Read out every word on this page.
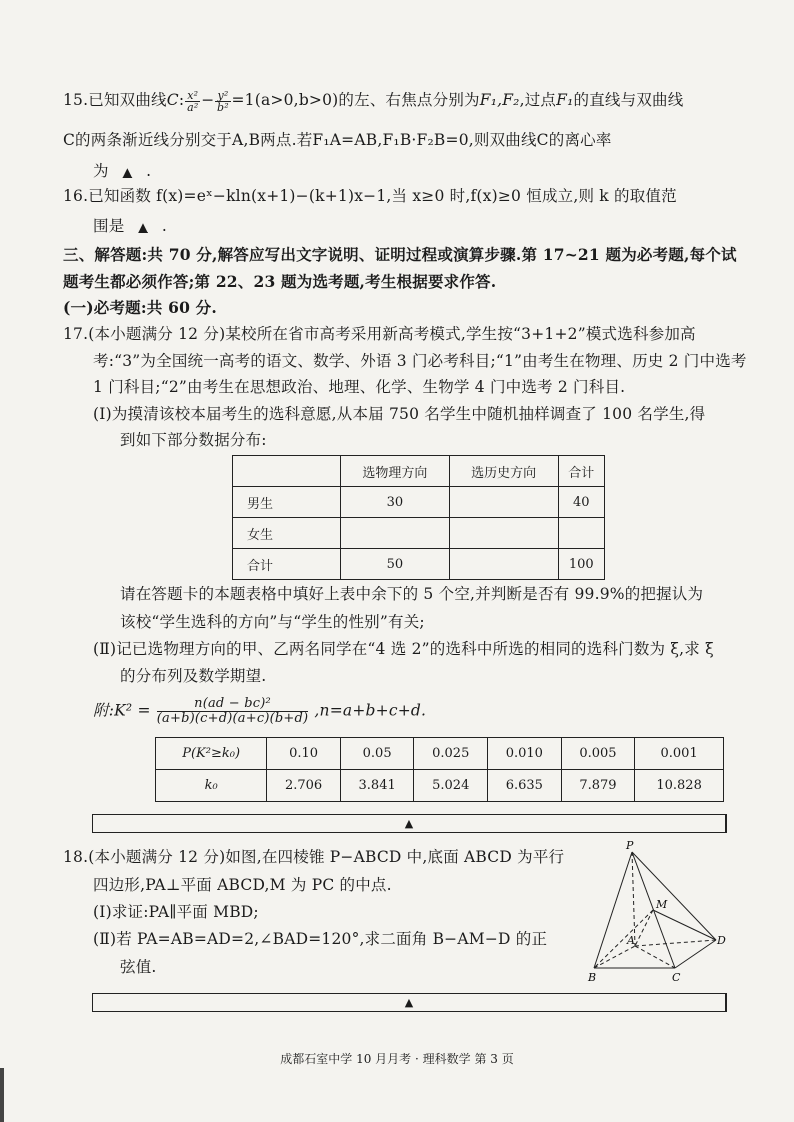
15.已知双曲线C: $\frac{\text{x²}}{\text{a²}} - \frac{\text{y²}}{\text{b²}} =1(a>0,b>0)$的左、右焦点分别为F₁,F₂,过点F₁的直线与双曲线
C的两条渐近线分别交于A,B两点.若F₁A=AB,F₁B·F₂B=0,则双曲线C的离心率
为 ▲ .
16.已知函数 f(x)=eˣ−kln(x+1)−(k+1)x−1,当 x≥0 时,f(x)≥0 恒成立,则 k 的取值范
围是 ▲ .
三、解答题:共 70 分,解答应写出文字说明、证明过程或演算步骤.第 17~21 题为必考题,每个试
题考生都必须作答;第 22、23 题为选考题,考生根据要求作答.
(一)必考题:共 60 分.
17.(本小题满分 12 分)某校所在省市高考采用新高考模式,学生按“3+1+2”模式选科参加高
考:“3”为全国统一高考的语文、数学、外语 3 门必考科目;“1”由考生在物理、历史 2 门中选考
1 门科目;“2”由考生在思想政治、地理、化学、生物学 4 门中选考 2 门科目.
(Ⅰ)为摸清该校本届考生的选科意愿,从本届 750 名学生中随机抽样调查了 100 名学生,得
到如下部分数据分布:
	选物理方向	选历史方向	合计
男生	30		40
女生			
合计	50		100
请在答题卡的本题表格中填好上表中余下的 5 个空,并判断是否有 99.9%的把握认为
该校“学生选科的方向”与“学生的性别”有关;
(Ⅱ)记已选物理方向的甲、乙两名同学在“4 选 2”的选科中所选的相同的选科门数为 ξ,求 ξ
的分布列及数学期望.
附:K² = $\frac{\text{n(ad − bc)²}}{(a+b)(c+d)(a+c)(b+d)} ,n=a+b+c+d$.
P(K²≥k₀)	0.10	0.05	0.025	0.010	0.005	0.001
k₀	2.706	3.841	5.024	6.635	7.879	10.828
▲
18.(本小题满分 12 分)如图,在四棱锥 P−ABCD 中,底面 ABCD 为平行
四边形,PA⊥平面 ABCD,M 为 PC 的中点.
(Ⅰ)求证:PA∥平面 MBD;
(Ⅱ)若 PA=AB=AD=2,∠BAD=120°,求二面角 B−AM−D 的正
弦值.
P
M
A
B	C
D
▲
成都石室中学 10 月月考 · 理科数学 第 3 页
